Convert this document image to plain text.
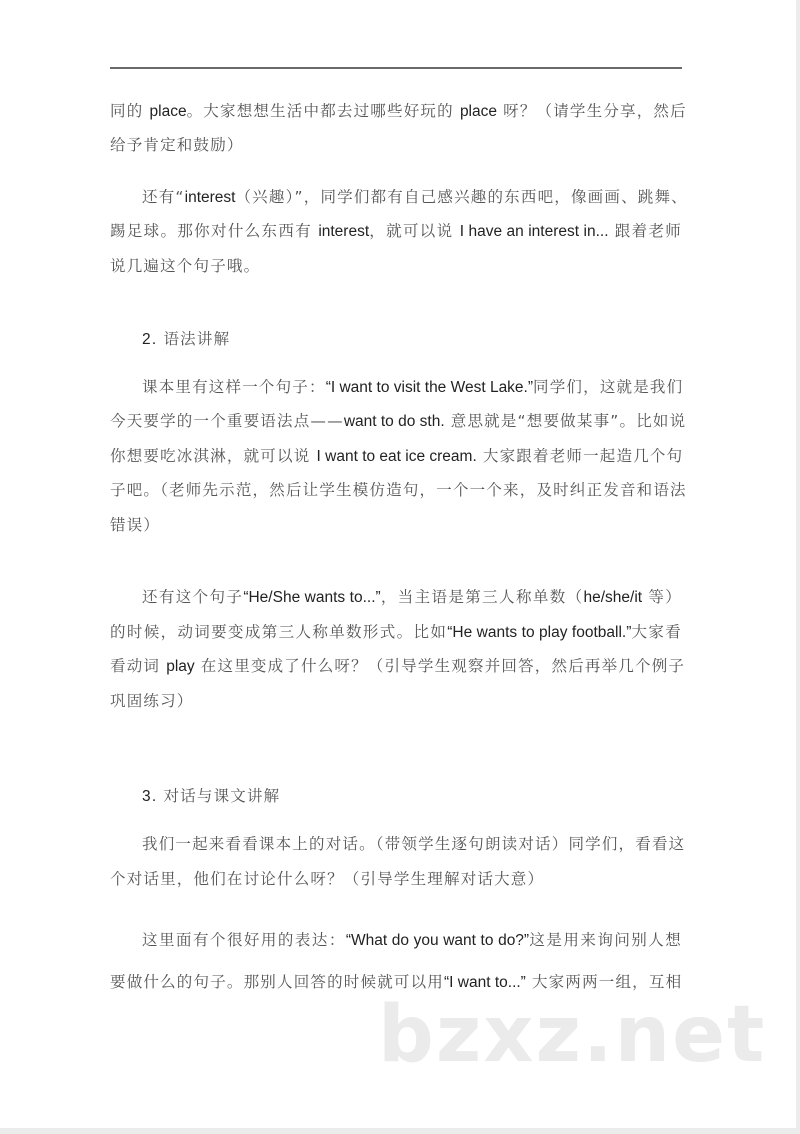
同的 place。大家想想生活中都去过哪些好玩的 place 呀？（请学生分享，然后
给予肯定和鼓励）
还有“interest（兴趣）”，同学们都有自己感兴趣的东西吧，像画画、跳舞、
踢足球。那你对什么东西有 interest，就可以说 I have an interest in... 跟着老师
说几遍这个句子哦。
2. 语法讲解
课本里有这样一个句子：“I want to visit the West Lake.”同学们，这就是我们
今天要学的一个重要语法点——want to do sth. 意思就是“想要做某事”。比如说
你想要吃冰淇淋，就可以说 I want to eat ice cream. 大家跟着老师一起造几个句
子吧。（老师先示范，然后让学生模仿造句，一个一个来，及时纠正发音和语法
错误）
还有这个句子“He/She wants to...”，当主语是第三人称单数（he/she/it 等）
的时候，动词要变成第三人称单数形式。比如“He wants to play football.”大家看
看动词 play 在这里变成了什么呀？（引导学生观察并回答，然后再举几个例子
巩固练习）
3. 对话与课文讲解
我们一起来看看课本上的对话。（带领学生逐句朗读对话）同学们，看看这
个对话里，他们在讨论什么呀？（引导学生理解对话大意）
这里面有个很好用的表达：“What do you want to do?”这是用来询问别人想
要做什么的句子。那别人回答的时候就可以用“I want to...” 大家两两一组，互相
bzxz.net
